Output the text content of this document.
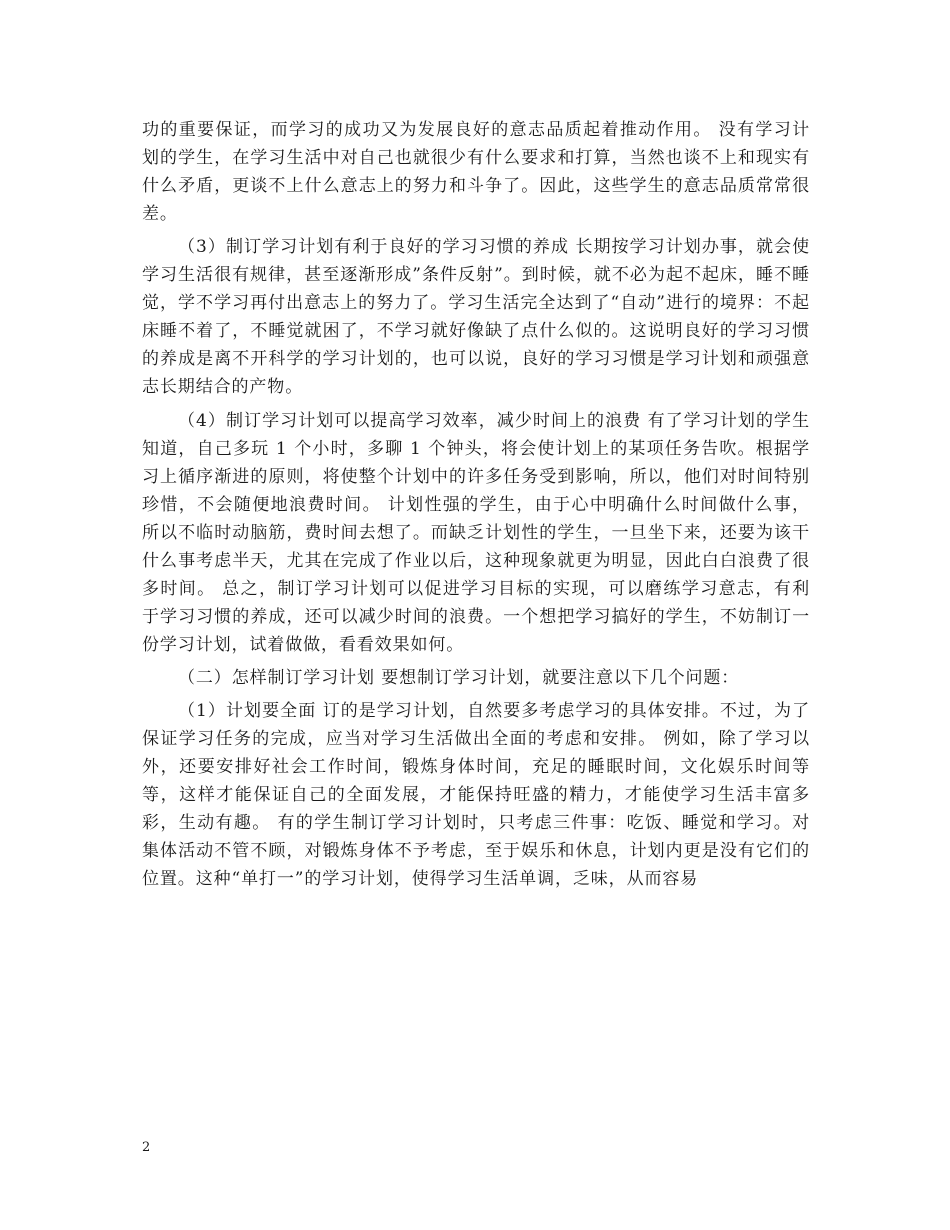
功的重要保证，而学习的成功又为发展良好的意志品质起着推动作用。 没有学习计划的学生，在学习生活中对自己也就很少有什么要求和打算，当然也谈不上和现实有什么矛盾，更谈不上什么意志上的努力和斗争了。因此，这些学生的意志品质常常很差。

（3）制订学习计划有利于良好的学习习惯的养成 长期按学习计划办事，就会使学习生活很有规律，甚至逐渐形成”条件反射”。到时候，就不必为起不起床，睡不睡觉，学不学习再付出意志上的努力了。学习生活完全达到了“自动”进行的境界：不起床睡不着了，不睡觉就困了，不学习就好像缺了点什么似的。这说明良好的学习习惯的养成是离不开科学的学习计划的，也可以说，良好的学习习惯是学习计划和顽强意志长期结合的产物。

（4）制订学习计划可以提高学习效率，减少时间上的浪费 有了学习计划的学生知道，自己多玩 1 个小时，多聊 1 个钟头，将会使计划上的某项任务告吹。根据学习上循序渐进的原则，将使整个计划中的许多任务受到影响，所以，他们对时间特别珍惜，不会随便地浪费时间。 计划性强的学生，由于心中明确什么时间做什么事，所以不临时动脑筋，费时间去想了。而缺乏计划性的学生，一旦坐下来，还要为该干什么事考虑半天，尤其在完成了作业以后，这种现象就更为明显，因此白白浪费了很多时间。 总之，制订学习计划可以促进学习目标的实现，可以磨练学习意志，有利于学习习惯的养成，还可以减少时间的浪费。一个想把学习搞好的学生，不妨制订一份学习计划，试着做做，看看效果如何。

（二）怎样制订学习计划 要想制订学习计划，就要注意以下几个问题：

（1）计划要全面 订的是学习计划，自然要多考虑学习的具体安排。不过，为了保证学习任务的完成，应当对学习生活做出全面的考虑和安排。 例如，除了学习以外，还要安排好社会工作时间，锻炼身体时间，充足的睡眠时间，文化娱乐时间等等，这样才能保证自己的全面发展，才能保持旺盛的精力，才能使学习生活丰富多彩，生动有趣。 有的学生制订学习计划时，只考虑三件事：吃饭、睡觉和学习。对集体活动不管不顾，对锻炼身体不予考虑，至于娱乐和休息，计划内更是没有它们的位置。这种“单打一”的学习计划，使得学习生活单调，乏味，从而容易

2
